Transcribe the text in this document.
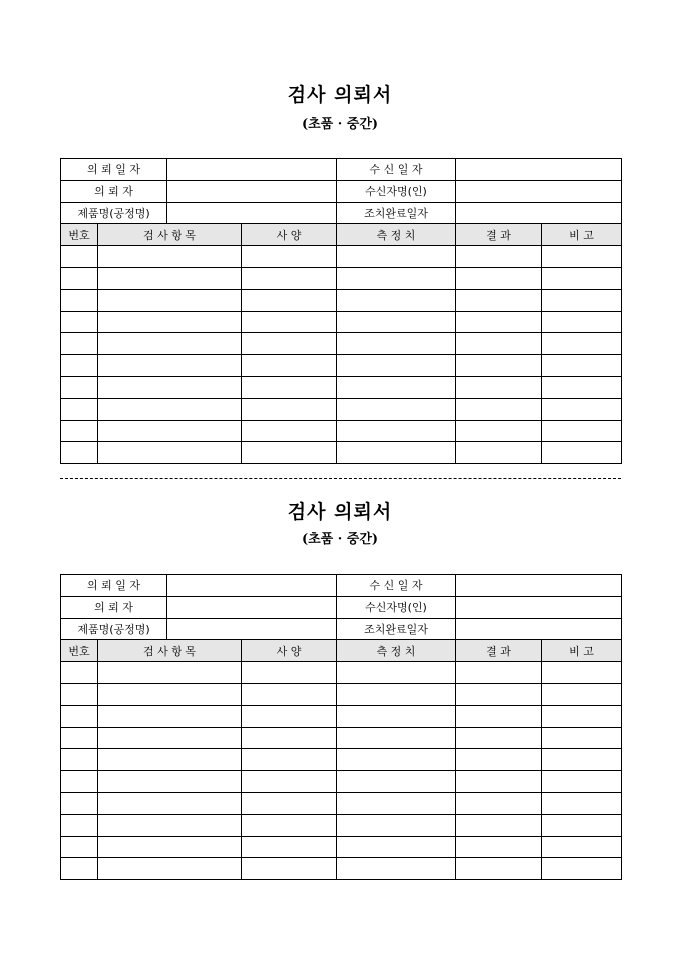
검사 의뢰서
(초품 · 중간)
의 뢰 일 자				수 신 일 자		
의 뢰 자				수신자명(인)		
제품명(공정명)				조치완료일자		
번호	검 사 항 목		사 양	측 정 치	결 과	비 고

검사 의뢰서
(초품 · 중간)
의 뢰 일 자				수 신 일 자		
의 뢰 자				수신자명(인)		
제품명(공정명)				조치완료일자		
번호	검 사 항 목		사 양	측 정 치	결 과	비 고
